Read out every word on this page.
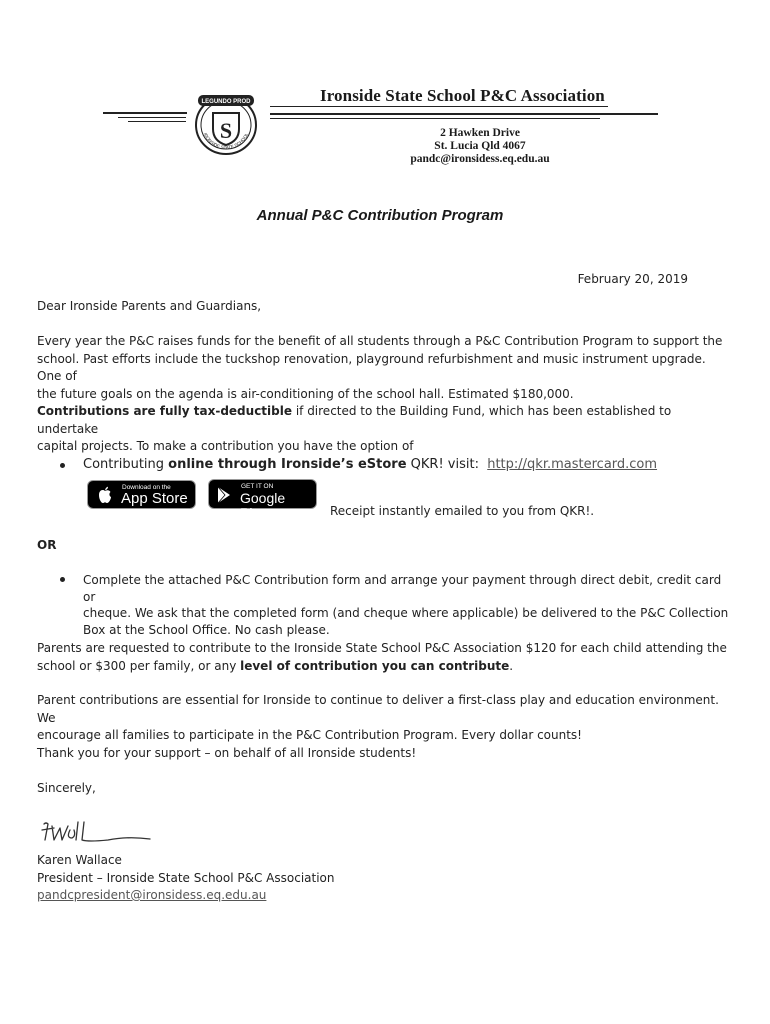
LEGUNDO PROD
S
IRONSIDE STATE SCHOOL
Ironside State School P&C Association
2 Hawken Drive
St. Lucia Qld 4067
pandc@ironsidess.eq.edu.au
Annual P&C Contribution Program
February 20, 2019
Dear Ironside Parents and Guardians,
Every year the P&C raises funds for the benefit of all students through a P&C Contribution Program to support the
school. Past efforts include the tuckshop renovation, playground refurbishment and music instrument upgrade. One of
the future goals on the agenda is air-conditioning of the school hall. Estimated $180,000.
Contributions are fully tax-deductible if directed to the Building Fund, which has been established to undertake
capital projects. To make a contribution you have the option of
Contributing online through Ironside’s eStore QKR! visit: http://qkr.mastercard.com
Download on the
App Store
GET IT ON
Google Play	Receipt instantly emailed to you from QKR!.
OR
Complete the attached P&C Contribution form and arrange your payment through direct debit, credit card or
cheque. We ask that the completed form (and cheque where applicable) be delivered to the P&C Collection
Box at the School Office. No cash please.
Parents are requested to contribute to the Ironside State School P&C Association $120 for each child attending the
school or $300 per family, or any level of contribution you can contribute.
Parent contributions are essential for Ironside to continue to deliver a first-class play and education environment. We
encourage all families to participate in the P&C Contribution Program. Every dollar counts!
Thank you for your support – on behalf of all Ironside students!
Sincerely,
Karen Wallace
President – Ironside State School P&C Association
pandcpresident@ironsidess.eq.edu.au
